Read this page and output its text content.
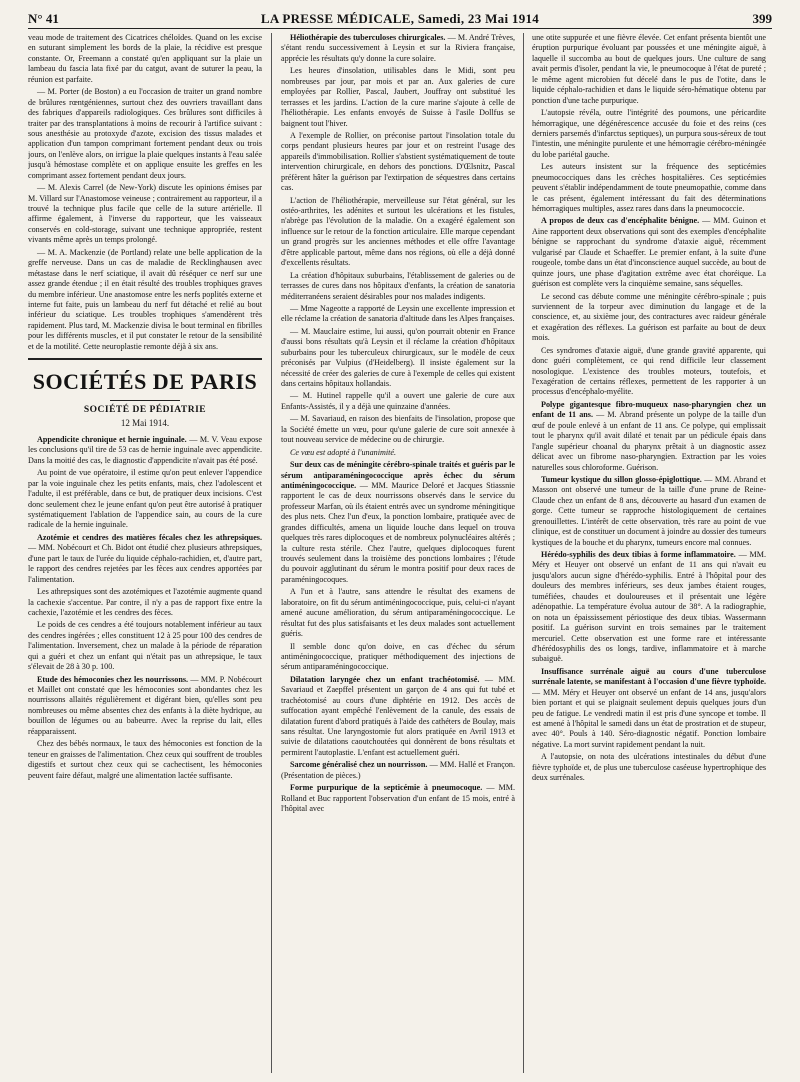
N° 41	LA PRESSE MÉDICALE, Samedi, 23 Mai 1914	399

veau mode de traitement des Cicatrices chéloïdes. Quand on les excise en suturant simplement les bords de la plaie, la récidive est presque constante. Or, Freemann a constaté qu'en appliquant sur la plaie un lambeau du fascia lata fixé par du catgut, avant de suturer la peau, la réunion est parfaite.

— M. Porter (de Boston) a eu l'occasion de traiter un grand nombre de brûlures rœntgéniennes, surtout chez des ouvriers travaillant dans des fabriques d'appareils radiologiques. Ces brûlures sont difficiles à traiter par des transplantations à moins de recourir à l'artifice suivant : sous anesthésie au protoxyde d'azote, excision des tissus malades et application d'un tampon comprimant fortement pendant deux ou trois jours, on l'enlève alors, on irrigue la plaie quelques instants à l'eau salée jusqu'à hémostase complète et on applique ensuite les greffes en les comprimant assez fortement pendant deux jours.

— M. Alexis Carrel (de New-York) discute les opinions émises par M. Villard sur l'Anastomose veineuse ; contrairement au rapporteur, il a trouvé la technique plus facile que celle de la suture artérielle. Il affirme également, à l'inverse du rapporteur, que les vaisseaux conservés en cold-storage, suivant une technique appropriée, restent vivants même après un temps prolongé.

— M. A. Mackenzie (de Portland) relate une belle application de la greffe nerveuse. Dans un cas de maladie de Recklinghausen avec métastase dans le nerf sciatique, il avait dû réséquer ce nerf sur une assez grande étendue ; il en était résulté des troubles trophiques graves du membre inférieur. Une anastomose entre les nerfs poplités externe et interne fut faite, puis un lambeau du nerf fut détaché et relié au bout inférieur du sciatique. Les troubles trophiques s'amendèrent très rapidement. Plus tard, M. Mackenzie divisa le bout terminal en fibrilles pour les différents muscles, et il put constater le retour de la sensibilité et de la motilité. Cette neuroplastie remonte déjà à six ans.

SOCIÉTÉS DE PARIS

SOCIÉTÉ DE PÉDIATRIE

12 Mai 1914.

Appendicite chronique et hernie inguinale. — M. V. Veau expose les conclusions qu'il tire de 53 cas de hernie inguinale avec appendicite. Dans la moitié des cas, le diagnostic d'appendicite n'avait pas été posé.

Au point de vue opératoire, il estime qu'on peut enlever l'appendice par la voie inguinale chez les petits enfants, mais, chez l'adolescent et l'adulte, il est préférable, dans ce but, de pratiquer deux incisions. C'est donc seulement chez le jeune enfant qu'on peut être autorisé à pratiquer systématiquement l'ablation de l'appendice sain, au cours de la cure radicale de la hernie inguinale.

Azotémie et cendres des matières fécales chez les athrepsiques. — MM. Nobécourt et Ch. Bidot ont étudié chez plusieurs athrepsiques, d'une part le taux de l'urée du liquide céphalo-rachidien, et, d'autre part, le rapport des cendres rejetées par les fèces aux cendres apportées par l'alimentation.

Les athrepsiques sont des azotémiques et l'azotémie augmente quand la cachexie s'accentue. Par contre, il n'y a pas de rapport fixe entre la cachexie, l'azotémie et les cendres des fèces.

Le poids de ces cendres a été toujours notablement inférieur au taux des cendres ingérées ; elles constituent 12 à 25 pour 100 des cendres de l'alimentation. Inversement, chez un malade à la période de réparation qui a guéri et chez un enfant qui n'était pas un athrepsique, le taux s'élevait de 28 à 30 p. 100.

Etude des hémoconies chez les nourrissons. — MM. P. Nobécourt et Maillet ont constaté que les hémoconies sont abondantes chez les nourrissons allaités régulièrement et digérant bien, qu'elles sont peu nombreuses ou même absentes chez des enfants à la diète hydrique, au bouillon de légumes ou au babeurre. Avec la reprise du lait, elles réapparaissent.

Chez des bébés normaux, le taux des hémoconies est fonction de la teneur en graisses de l'alimentation. Chez ceux qui souffrent de troubles digestifs et surtout chez ceux qui se cachectisent, les hémoconies peuvent faire défaut, malgré une alimentation lactée suffisante.

Héliothérapie des tuberculoses chirurgicales. — M. André Trèves, s'étant rendu successivement à Leysin et sur la Riviera française, apprécie les résultats qu'y donne la cure solaire.

Les heures d'insolation, utilisables dans le Midi, sont peu nombreuses par jour, par mois et par an. Aux galeries de cure employées par Rollier, Pascal, Jaubert, Jouffray ont substitué les terrasses et les jardins. L'action de la cure marine s'ajoute à celle de l'héliothérapie. Les enfants envoyés de Suisse à l'asile Dollfus se baignent tout l'hiver.

A l'exemple de Rollier, on préconise partout l'insolation totale du corps pendant plusieurs heures par jour et on restreint l'usage des appareils d'immobilisation. Rollier s'abstient systématiquement de toute intervention chirurgicale, en dehors des ponctions. D'Œlsnitz, Pascal préfèrent hâter la guérison par l'extirpation de séquestres dans certains cas.

L'action de l'héliothérapie, merveilleuse sur l'état général, sur les ostéo-arthrites, les adénites et surtout les ulcérations et les fistules, n'abrège pas l'évolution de la maladie. On a exagéré également son influence sur le retour de la fonction articulaire. Elle marque cependant un grand progrès sur les anciennes méthodes et elle offre l'avantage d'être applicable partout, même dans nos régions, où elle a déjà donné d'excellents résultats.

La création d'hôpitaux suburbains, l'établissement de galeries ou de terrasses de cures dans nos hôpitaux d'enfants, la création de sanatoria méditerranéens seraient désirables pour nos malades indigents.

— Mme Nageotte a rapporté de Leysin une excellente impression et elle réclame la création de sanatoria d'altitude dans les Alpes françaises.

— M. Mauclaire estime, lui aussi, qu'on pourrait obtenir en France d'aussi bons résultats qu'à Leysin et il réclame la création d'hôpitaux suburbains pour les tuberculeux chirurgicaux, sur le modèle de ceux préconisés par Vulpius (d'Heidelberg). Il insiste également sur la nécessité de créer des galeries de cure à l'exemple de celles qui existent dans certains hôpitaux hollandais.

— M. Hutinel rappelle qu'il a ouvert une galerie de cure aux Enfants-Assistés, il y a déjà une quinzaine d'années.

— M. Savariaud, en raison des bienfaits de l'insolation, propose que la Société émette un vœu, pour qu'une galerie de cure soit annexée à tout nouveau service de médecine ou de chirurgie.

Ce vœu est adopté à l'unanimité.

Sur deux cas de méningite cérébro-spinale traités et guéris par le sérum antiparaméningococcique après échec du sérum antiméningococcique. — MM. Maurice Deloré et Jacques Stiassnie rapportent le cas de deux nourrissons observés dans le service du professeur Marfan, où ils étaient entrés avec un syndrome méningitique des plus nets. Chez l'un d'eux, la ponction lombaire, pratiquée avec de grandes difficultés, amena un liquide louche dans lequel on trouva quelques très rares diplocoques et de nombreux polynucléaires altérés ; la culture resta stérile. Chez l'autre, quelques diplocoques furent trouvés seulement dans la troisième des ponctions lombaires ; l'étude du pouvoir agglutinant du sérum le montra positif pour deux races de paraméningocoques.

A l'un et à l'autre, sans attendre le résultat des examens de laboratoire, on fit du sérum antiméningococcique, puis, celui-ci n'ayant amené aucune amélioration, du sérum antiparaméningococcique. Le résultat fut des plus satisfaisants et les deux malades sont actuellement guéris.

Il semble donc qu'on doive, en cas d'échec du sérum antiméningococcique, pratiquer méthodiquement des injections de sérum antiparaméningococcique.

Dilatation laryngée chez un enfant trachéotomisé. — MM. Savariaud et Zaepffel présentent un garçon de 4 ans qui fut tubé et trachéotomisé au cours d'une diphtérie en 1912. Des accès de suffocation ayant empêché l'enlèvement de la canule, des essais de dilatation furent d'abord pratiqués à l'aide des cathéters de Boulay, mais sans résultat. Une laryngostomie fut alors pratiquée en Avril 1913 et suivie de dilatations caoutchoutées qui donnèrent de bons résultats et permirent l'autoplastie. L'enfant est actuellement guéri.

Sarcome généralisé chez un nourrisson. — MM. Hallé et Françon. (Présentation de pièces.)

Forme purpurique de la septicémie à pneumocoque. — MM. Rolland et Buc rapportent l'observation d'un enfant de 15 mois, entré à l'hôpital avec

une otite suppurée et une fièvre élevée. Cet enfant présenta bientôt une éruption purpurique évoluant par poussées et une méningite aiguë, à laquelle il succomba au bout de quelques jours. Une culture de sang avait permis d'isoler, pendant la vie, le pneumocoque à l'état de pureté ; le même agent microbien fut décelé dans le pus de l'otite, dans le liquide céphalo-rachidien et dans le liquide séro-hématique obtenu par ponction d'une tache purpurique.

L'autopsie révéla, outre l'intégrité des poumons, une péricardite hémorragique, une dégénérescence accusée du foie et des reins (ces derniers parsemés d'infarctus septiques), un purpura sous-séreux de tout l'intestin, une méningite purulente et une hémorragie cérébro-méningée du lobe pariétal gauche.

Les auteurs insistent sur la fréquence des septicémies pneumococciques dans les crèches hospitalières. Ces septicémies peuvent s'établir indépendamment de toute pneumopathie, comme dans le cas présent, également intéressant du fait des déterminations hémorragiques multiples, assez rares dans dans la pneumococcie.

A propos de deux cas d'encéphalite bénigne. — MM. Guinon et Aine rapportent deux observations qui sont des exemples d'encéphalite bénigne se rapprochant du syndrome d'ataxie aiguë, récemment vulgarisé par Claude et Schaeffer. Le premier enfant, à la suite d'une rougeole, tombe dans un état d'inconscience auquel succède, au bout de quinze jours, une phase d'agitation extrême avec état choréique. La guérison est complète vers la cinquième semaine, sans séquelles.

Le second cas débute comme une méningite cérébro-spinale ; puis surviennent de la torpeur avec diminution du langage et de la conscience, et, au sixième jour, des contractures avec raideur générale et exagération des réflexes. La guérison est parfaite au bout de deux mois.

Ces syndromes d'ataxie aiguë, d'une grande gravité apparente, qui donc guéri complètement, ce qui rend difficile leur classement nosologique. L'existence des troubles moteurs, toutefois, et l'exagération de certains réflexes, permettent de les rapporter à un processus d'encéphalo-myélite.

Polype gigantesque fibro-muqueux naso-pharyngien chez un enfant de 11 ans. — M. Abrand présente un polype de la taille d'un œuf de poule enlevé à un enfant de 11 ans. Ce polype, qui emplissait tout le pharynx qu'il avait dilaté et tenait par un pédicule épais dans l'angle supérieur choanal du pharynx prêtait à un diagnostic assez délicat avec un fibrome naso-pharyngien. Extraction par les voies naturelles sous chloroforme. Guérison.

Tumeur kystique du sillon glosso-épiglottique. — MM. Abrand et Masson ont observé une tumeur de la taille d'une prune de Reine-Claude chez un enfant de 8 ans, découverte au hasard d'un examen de gorge. Cette tumeur se rapproche histologiquement de certaines grenouillettes. L'intérêt de cette observation, très rare au point de vue clinique, est de constituer un document à joindre au dossier des tumeurs kystiques de la bouche et du pharynx, tumeurs encore mal connues.

Hérédo-syphilis des deux tibias à forme inflammatoire. — MM. Méry et Heuyer ont observé un enfant de 11 ans qui n'avait eu jusqu'alors aucun signe d'hérédo-syphilis. Entré à l'hôpital pour des douleurs des membres inférieurs, ses deux jambes étaient rouges, tuméfiées, chaudes et douloureuses et il présentait une légère adénopathie. La température évolua autour de 38°. A la radiographie, on nota un épaississement périostique des deux tibias. Wassermann positif. La guérison survint en trois semaines par le traitement mercuriel. Cette observation est une forme rare et intéressante d'hérédosyphilis des os longs, tardive, inflammatoire et à marche subaiguë.

Insuffisance surrénale aiguë au cours d'une tuberculose surrénale latente, se manifestant à l'occasion d'une fièvre typhoïde. — MM. Méry et Heuyer ont observé un enfant de 14 ans, jusqu'alors bien portant et qui se plaignait seulement depuis quelques jours d'un peu de fatigue. Le vendredi matin il est pris d'une syncope et tombe. Il est amené à l'hôpital le samedi dans un état de prostration et de stupeur, avec 40°. Pouls à 140. Séro-diagnostic négatif. Ponction lombaire négative. La mort survint rapidement pendant la nuit.

A l'autopsie, on nota des ulcérations intestinales du début d'une fièvre typhoïde et, de plus une tuberculose caséeuse hypertrophique des deux surrénales.
